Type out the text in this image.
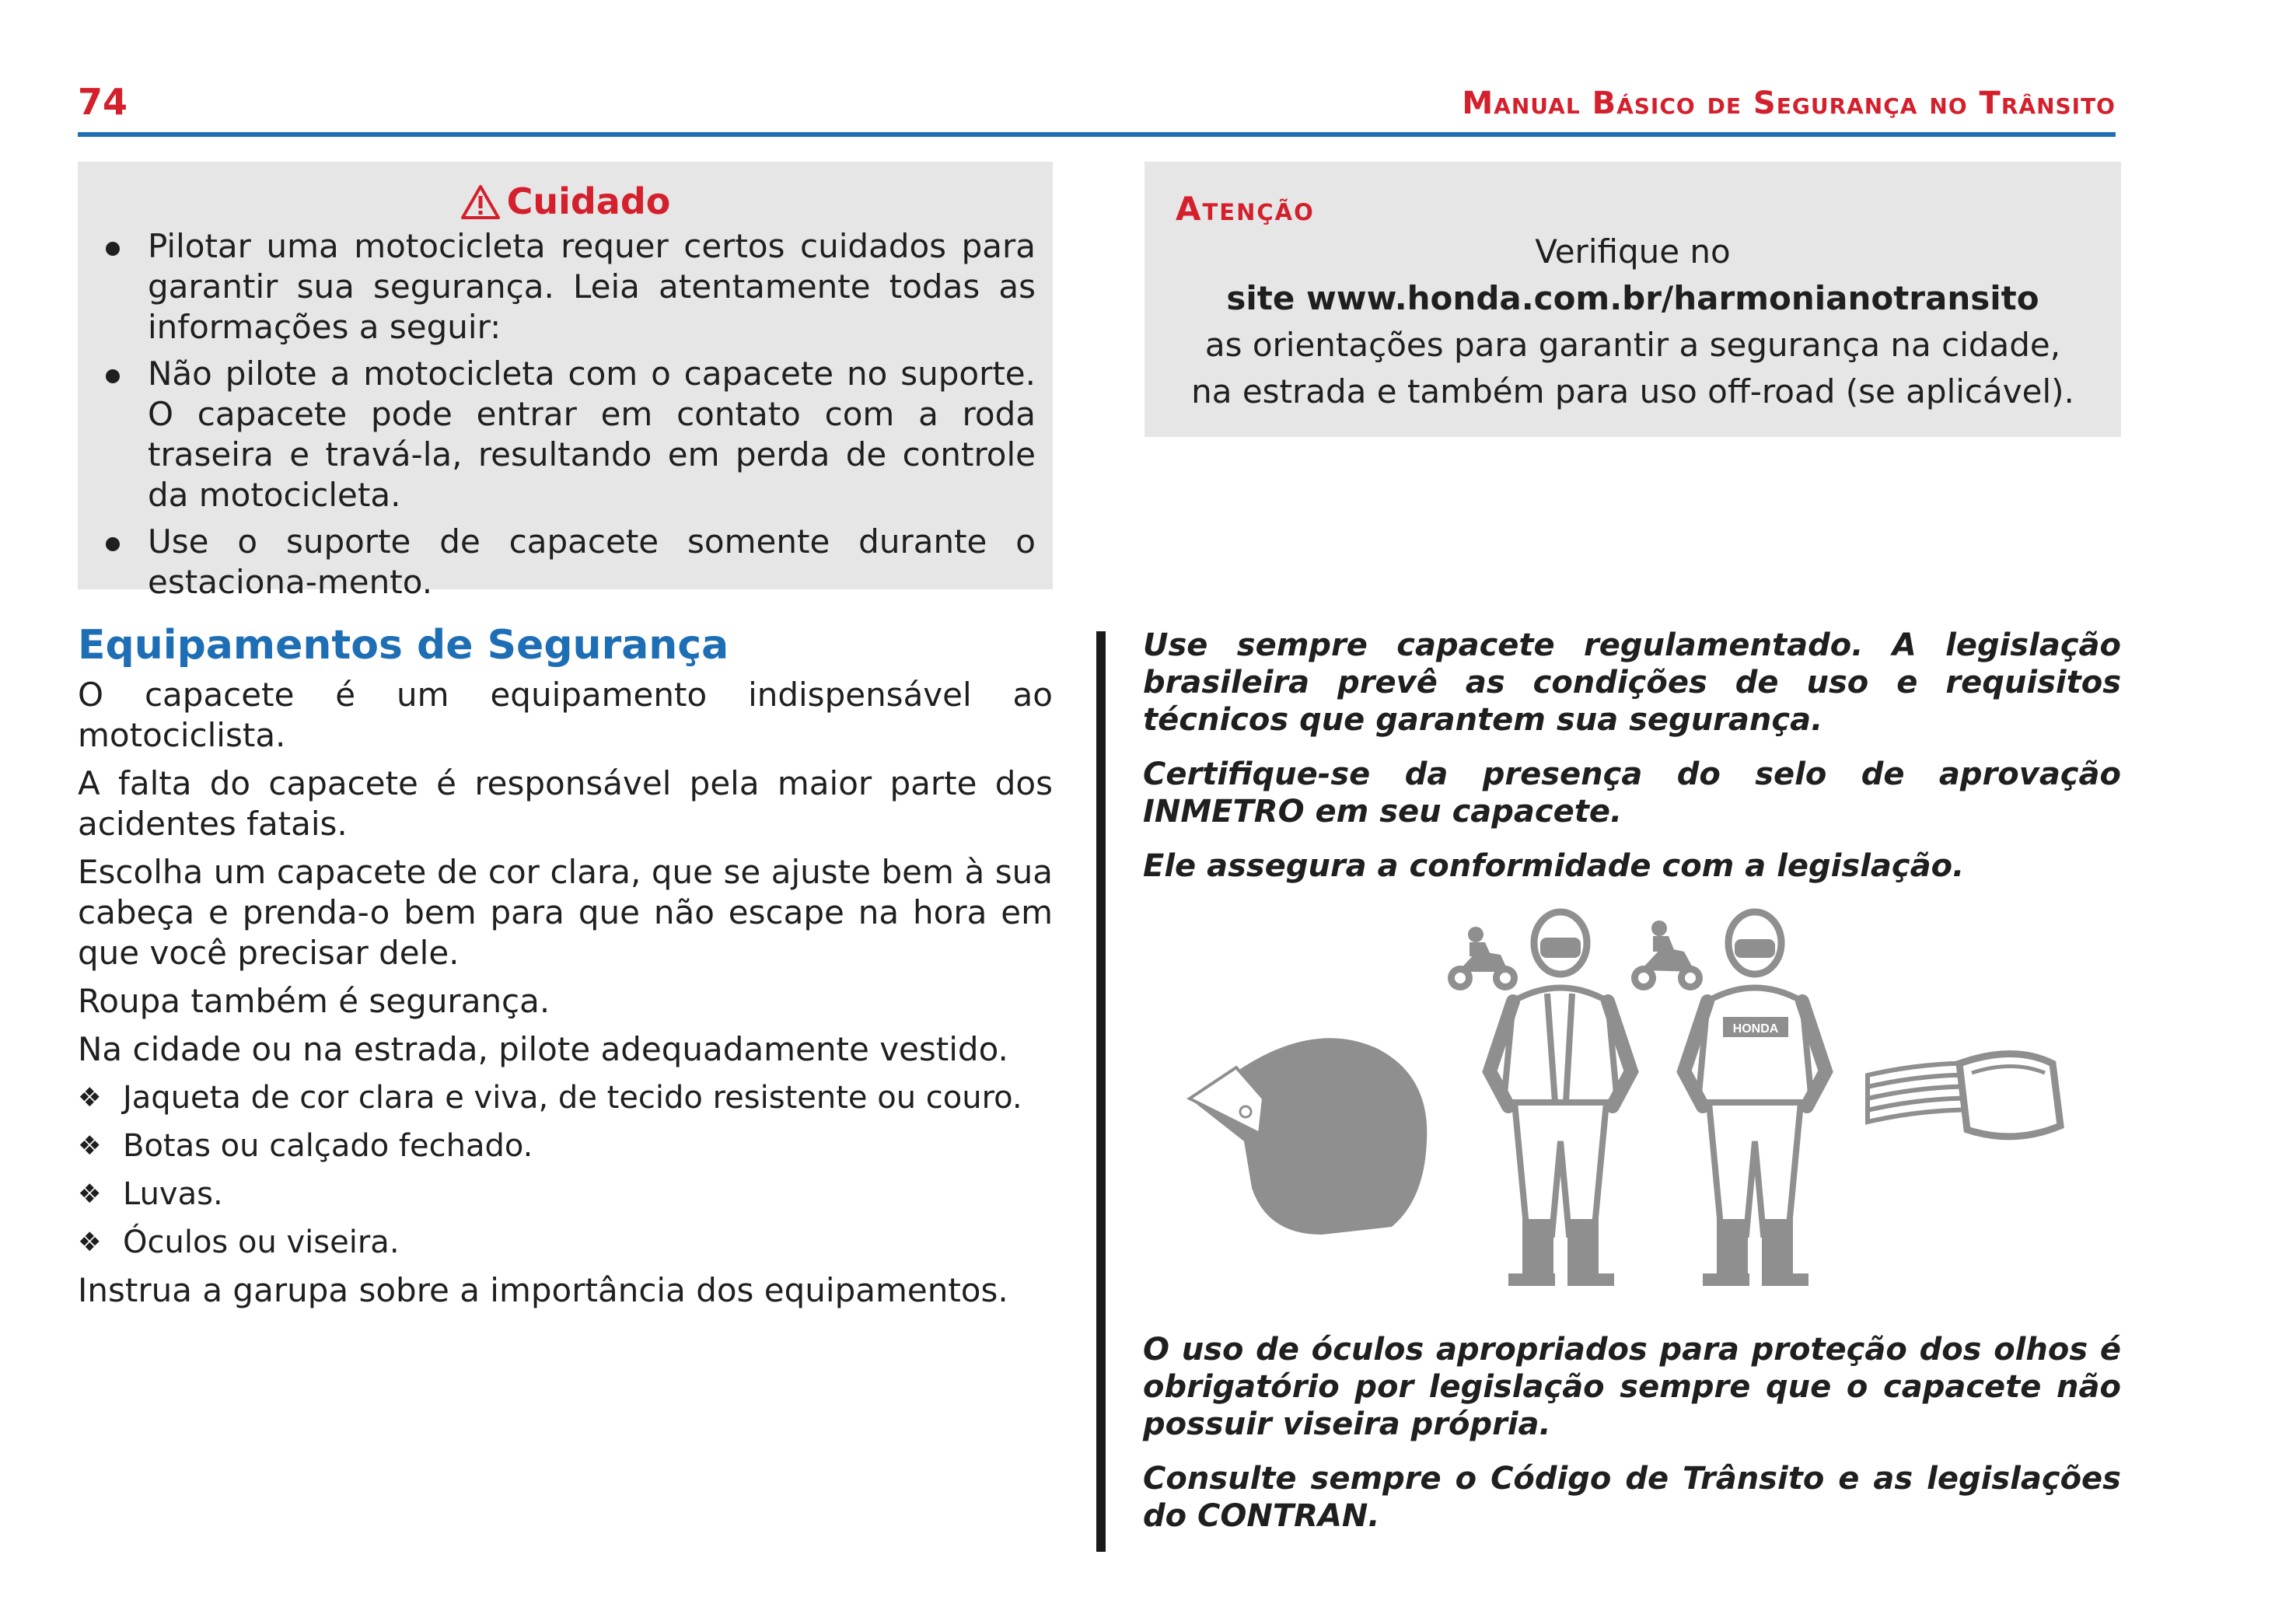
74	Manual Básico de Segurança no Trânsito
Cuidado
Pilotar uma motocicleta requer certos cuidados para garantir sua segurança. Leia atentamente todas as informações a seguir:
Não pilote a motocicleta com o capacete no suporte. O capacete pode entrar em contato com a roda traseira e travá-la, resultando em perda de controle da motocicleta.
Use o suporte de capacete somente durante o estaciona-mento.
Atenção
Verifique no
site www.honda.com.br/harmonianotransito
as orientações para garantir a segurança na cidade,
na estrada e também para uso off-road (se aplicável).
Equipamentos de Segurança

O capacete é um equipamento indispensável ao motociclista.

A falta do capacete é responsável pela maior parte dos acidentes fatais.

Escolha um capacete de cor clara, que se ajuste bem à sua cabeça e prenda-o bem para que não escape na hora em que você precisar dele.

Roupa também é segurança.

Na cidade ou na estrada, pilote adequadamente vestido.

❖ Jaqueta de cor clara e viva, de tecido resistente ou couro.
❖ Botas ou calçado fechado.
❖ Luvas.
❖ Óculos ou viseira.

Instrua a garupa sobre a importância dos equipamentos.

Use sempre capacete regulamentado. A legislação brasileira prevê as condições de uso e requisitos técnicos que garantem sua segurança.

Certifique-se da presença do selo de aprovação INMETRO em seu capacete.

Ele assegura a conformidade com a legislação.

HONDA

O uso de óculos apropriados para proteção dos olhos é obrigatório por legislação sempre que o capacete não possuir viseira própria.

Consulte sempre o Código de Trânsito e as legislações do CONTRAN.
